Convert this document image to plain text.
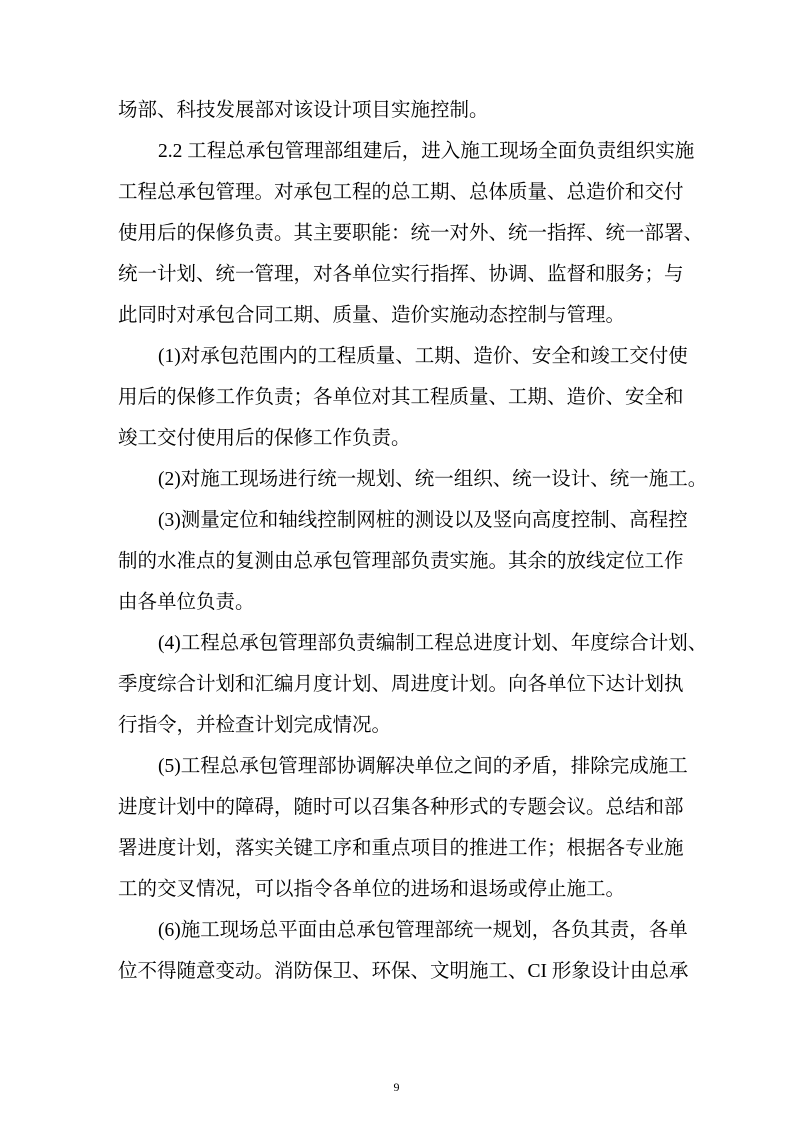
场部、科技发展部对该设计项目实施控制。
2.2 工程总承包管理部组建后，进入施工现场全面负责组织实施
工程总承包管理。对承包工程的总工期、总体质量、总造价和交付
使用后的保修负责。其主要职能：统一对外、统一指挥、统一部署、
统一计划、统一管理，对各单位实行指挥、协调、监督和服务；与
此同时对承包合同工期、质量、造价实施动态控制与管理。
(1)对承包范围内的工程质量、工期、造价、安全和竣工交付使
用后的保修工作负责；各单位对其工程质量、工期、造价、安全和
竣工交付使用后的保修工作负责。
(2)对施工现场进行统一规划、统一组织、统一设计、统一施工。
(3)测量定位和轴线控制网桩的测设以及竖向高度控制、高程控
制的水准点的复测由总承包管理部负责实施。其余的放线定位工作
由各单位负责。
(4)工程总承包管理部负责编制工程总进度计划、年度综合计划、
季度综合计划和汇编月度计划、周进度计划。向各单位下达计划执
行指令，并检查计划完成情况。
(5)工程总承包管理部协调解决单位之间的矛盾，排除完成施工
进度计划中的障碍，随时可以召集各种形式的专题会议。总结和部
署进度计划，落实关键工序和重点项目的推进工作；根据各专业施
工的交叉情况，可以指令各单位的进场和退场或停止施工。
(6)施工现场总平面由总承包管理部统一规划，各负其责，各单
位不得随意变动。消防保卫、环保、文明施工、CI 形象设计由总承
9
